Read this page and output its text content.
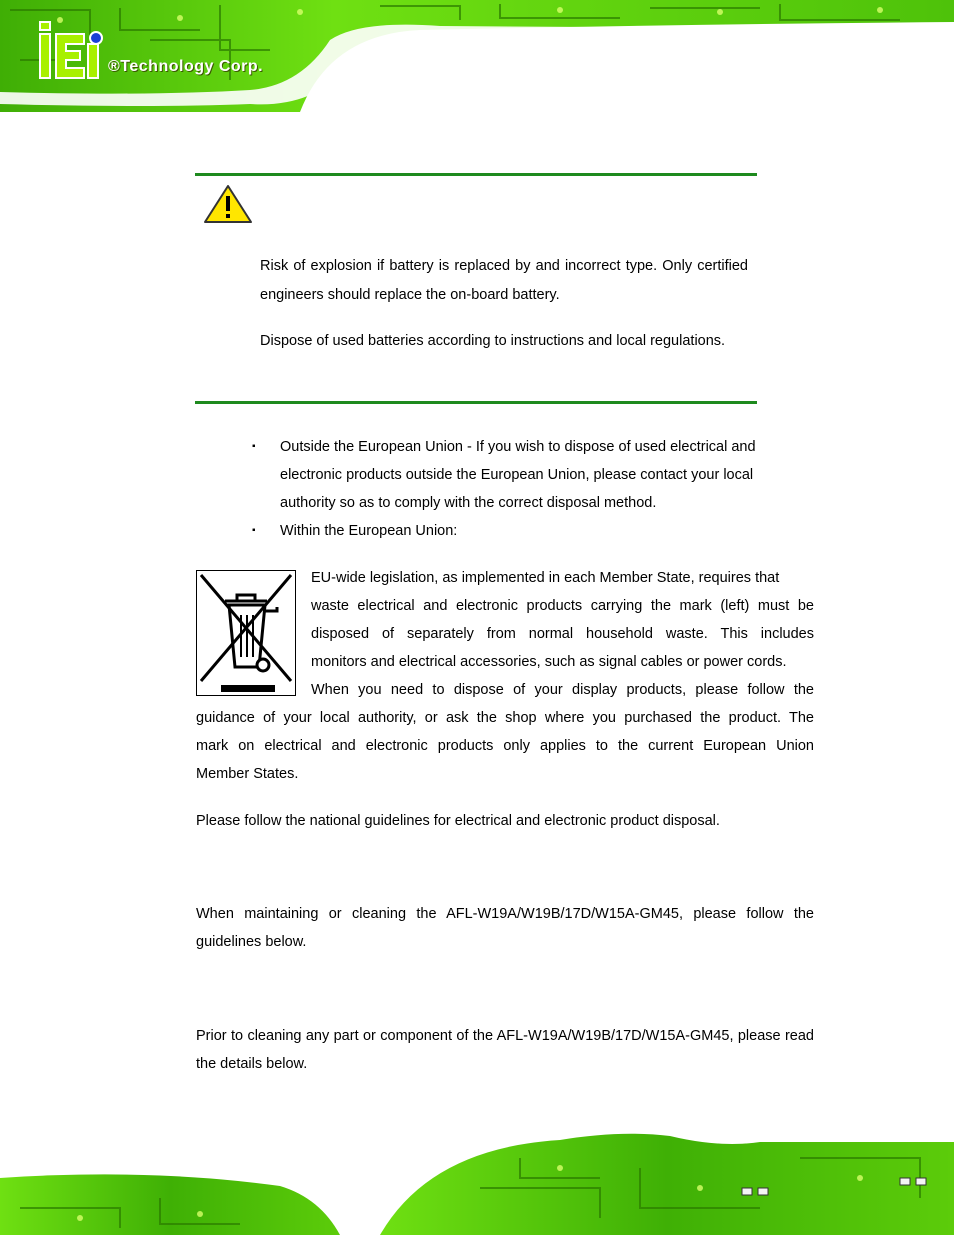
®Technology Corp.

Risk of explosion if battery is replaced by and incorrect type. Only certified engineers should replace the on-board battery.

Dispose of used batteries according to instructions and local regulations.

▪ Outside the European Union - If you wish to dispose of used electrical and electronic products outside the European Union, please contact your local authority so as to comply with the correct disposal method.

▪ Within the European Union:

EU-wide legislation, as implemented in each Member State, requires that

waste electrical and electronic products carrying the mark (left) must be

disposed of separately from normal household waste. This includes

monitors and electrical accessories, such as signal cables or power cords.

When you need to dispose of your display products, please follow the

guidance of your local authority, or ask the shop where you purchased the product. The

mark on electrical and electronic products only applies to the current European Union

Member States.

Please follow the national guidelines for electrical and electronic product disposal.

When maintaining or cleaning the AFL-W19A/W19B/17D/W15A-GM45, please follow the guidelines below.

Prior to cleaning any part or component of the AFL-W19A/W19B/17D/W15A-GM45, please read the details below.
